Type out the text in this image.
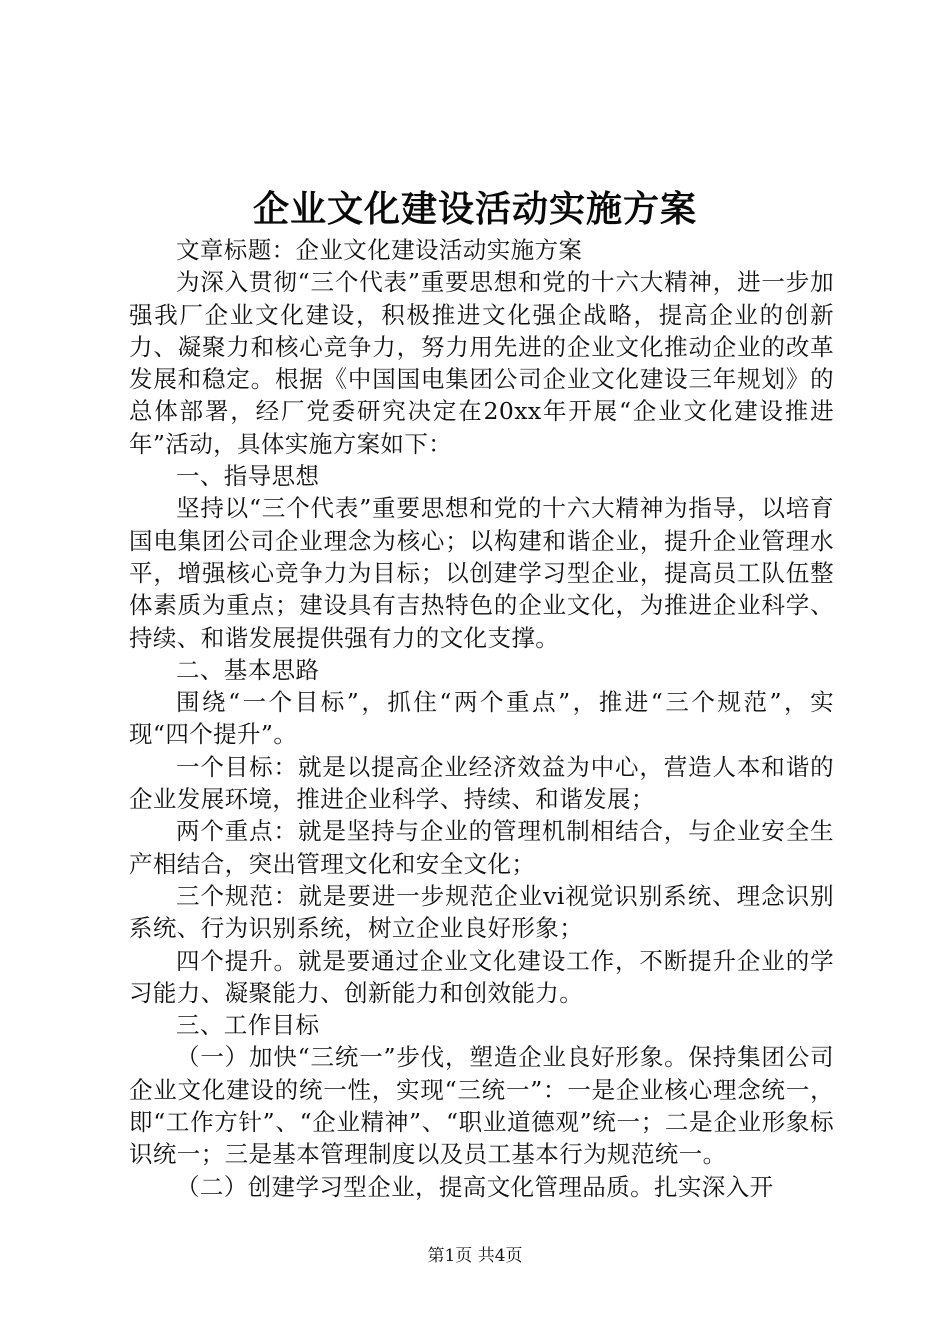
企业文化建设活动实施方案

文章标题：企业文化建设活动实施方案

为深入贯彻“三个代表”重要思想和党的十六大精神，进一步加强我厂企业文化建设，积极推进文化强企战略，提高企业的创新力、凝聚力和核心竞争力，努力用先进的企业文化推动企业的改革发展和稳定。根据《中国国电集团公司企业文化建设三年规划》的总体部署，经厂党委研究决定在20xx年开展“企业文化建设推进年”活动，具体实施方案如下：

一、指导思想

坚持以“三个代表”重要思想和党的十六大精神为指导，以培育国电集团公司企业理念为核心；以构建和谐企业，提升企业管理水平，增强核心竞争力为目标；以创建学习型企业，提高员工队伍整体素质为重点；建设具有吉热特色的企业文化，为推进企业科学、持续、和谐发展提供强有力的文化支撑。

二、基本思路

围绕“一个目标”，抓住“两个重点”，推进“三个规范”，实现“四个提升”。

一个目标：就是以提高企业经济效益为中心，营造人本和谐的企业发展环境，推进企业科学、持续、和谐发展；

两个重点：就是坚持与企业的管理机制相结合，与企业安全生产相结合，突出管理文化和安全文化；

三个规范：就是要进一步规范企业vi视觉识别系统、理念识别系统、行为识别系统，树立企业良好形象；

四个提升。就是要通过企业文化建设工作，不断提升企业的学习能力、凝聚能力、创新能力和创效能力。

三、工作目标

（一）加快“三统一”步伐，塑造企业良好形象。保持集团公司企业文化建设的统一性，实现“三统一”：一是企业核心理念统一，即“工作方针”、“企业精神”、“职业道德观”统一；二是企业形象标识统一；三是基本管理制度以及员工基本行为规范统一。

（二）创建学习型企业，提高文化管理品质。扎实深入开

第1页 共4页
